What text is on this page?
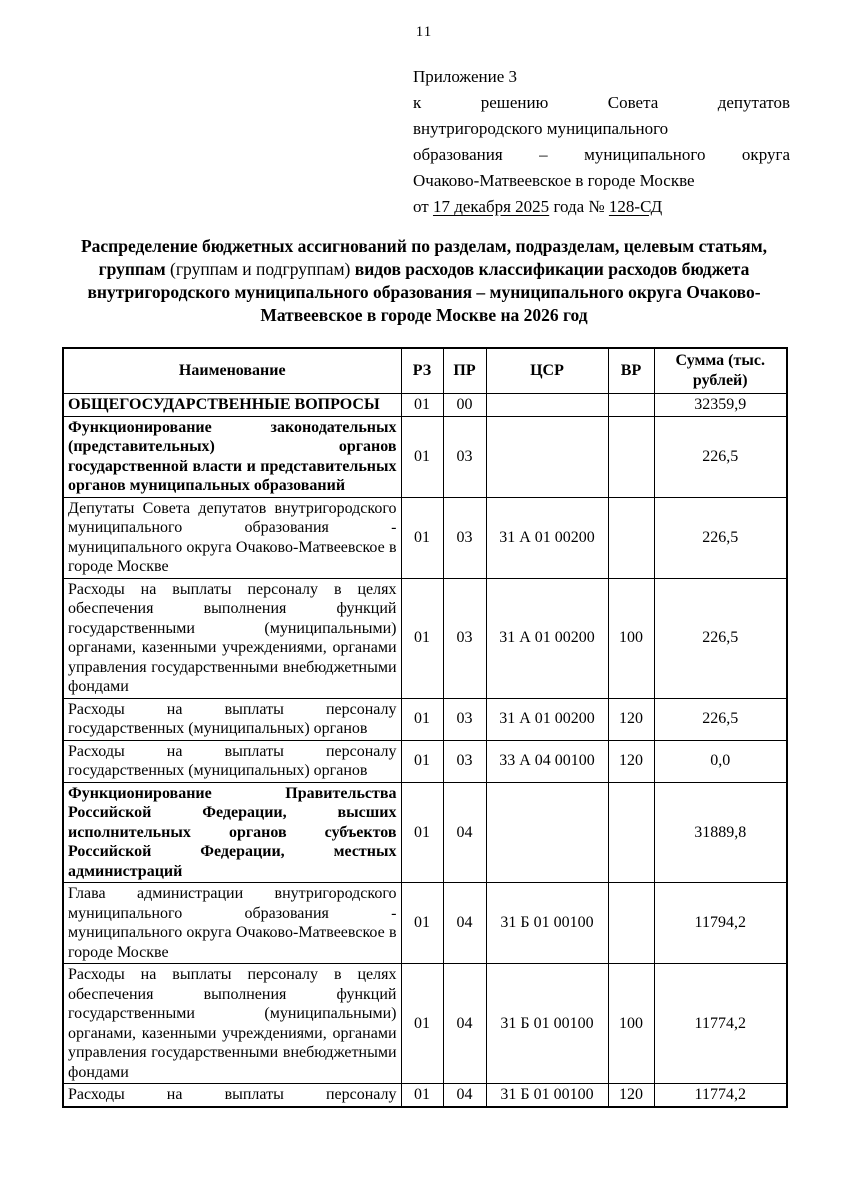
11
Приложение 3
к решению Совета депутатов
внутригородского муниципального
образования – муниципального округа
Очаково-Матвеевское в городе Москве
от 17 декабря 2025 года № 128-СД
Распределение бюджетных ассигнований по разделам, подразделам, целевым статьям, группам (группам и подгруппам) видов расходов классификации расходов бюджета внутригородского муниципального образования – муниципального округа Очаково-Матвеевское в городе Москве на 2026 год
Наименование	РЗ	ПР	ЦСР	ВР	Сумма (тыс. рублей)
ОБЩЕГОСУДАРСТВЕННЫЕ ВОПРОСЫ	01	00			32359,9
Функционирование законодательных (представительных) органов государственной власти и представительных органов муниципальных образований	01	03			226,5
Депутаты Совета депутатов внутригородского муниципального образования - муниципального округа Очаково-Матвеевское в городе Москве	01	03	31 А 01 00200		226,5
Расходы на выплаты персоналу в целях обеспечения выполнения функций государственными (муниципальными) органами, казенными учреждениями, органами управления государственными внебюджетными фондами	01	03	31 А 01 00200	100	226,5
Расходы на выплаты персоналу государственных (муниципальных) органов	01	03	31 А 01 00200	120	226,5
Расходы на выплаты персоналу государственных (муниципальных) органов	01	03	33 А 04 00100	120	0,0
Функционирование Правительства Российской Федерации, высших исполнительных органов субъектов Российской Федерации, местных администраций	01	04			31889,8
Глава администрации внутригородского муниципального образования - муниципального округа Очаково-Матвеевское в городе Москве	01	04	31 Б 01 00100		11794,2
Расходы на выплаты персоналу в целях обеспечения выполнения функций государственными (муниципальными) органами, казенными учреждениями, органами управления государственными внебюджетными фондами	01	04	31 Б 01 00100	100	11774,2
Расходы на выплаты персоналу	01	04	31 Б 01 00100	120	11774,2
